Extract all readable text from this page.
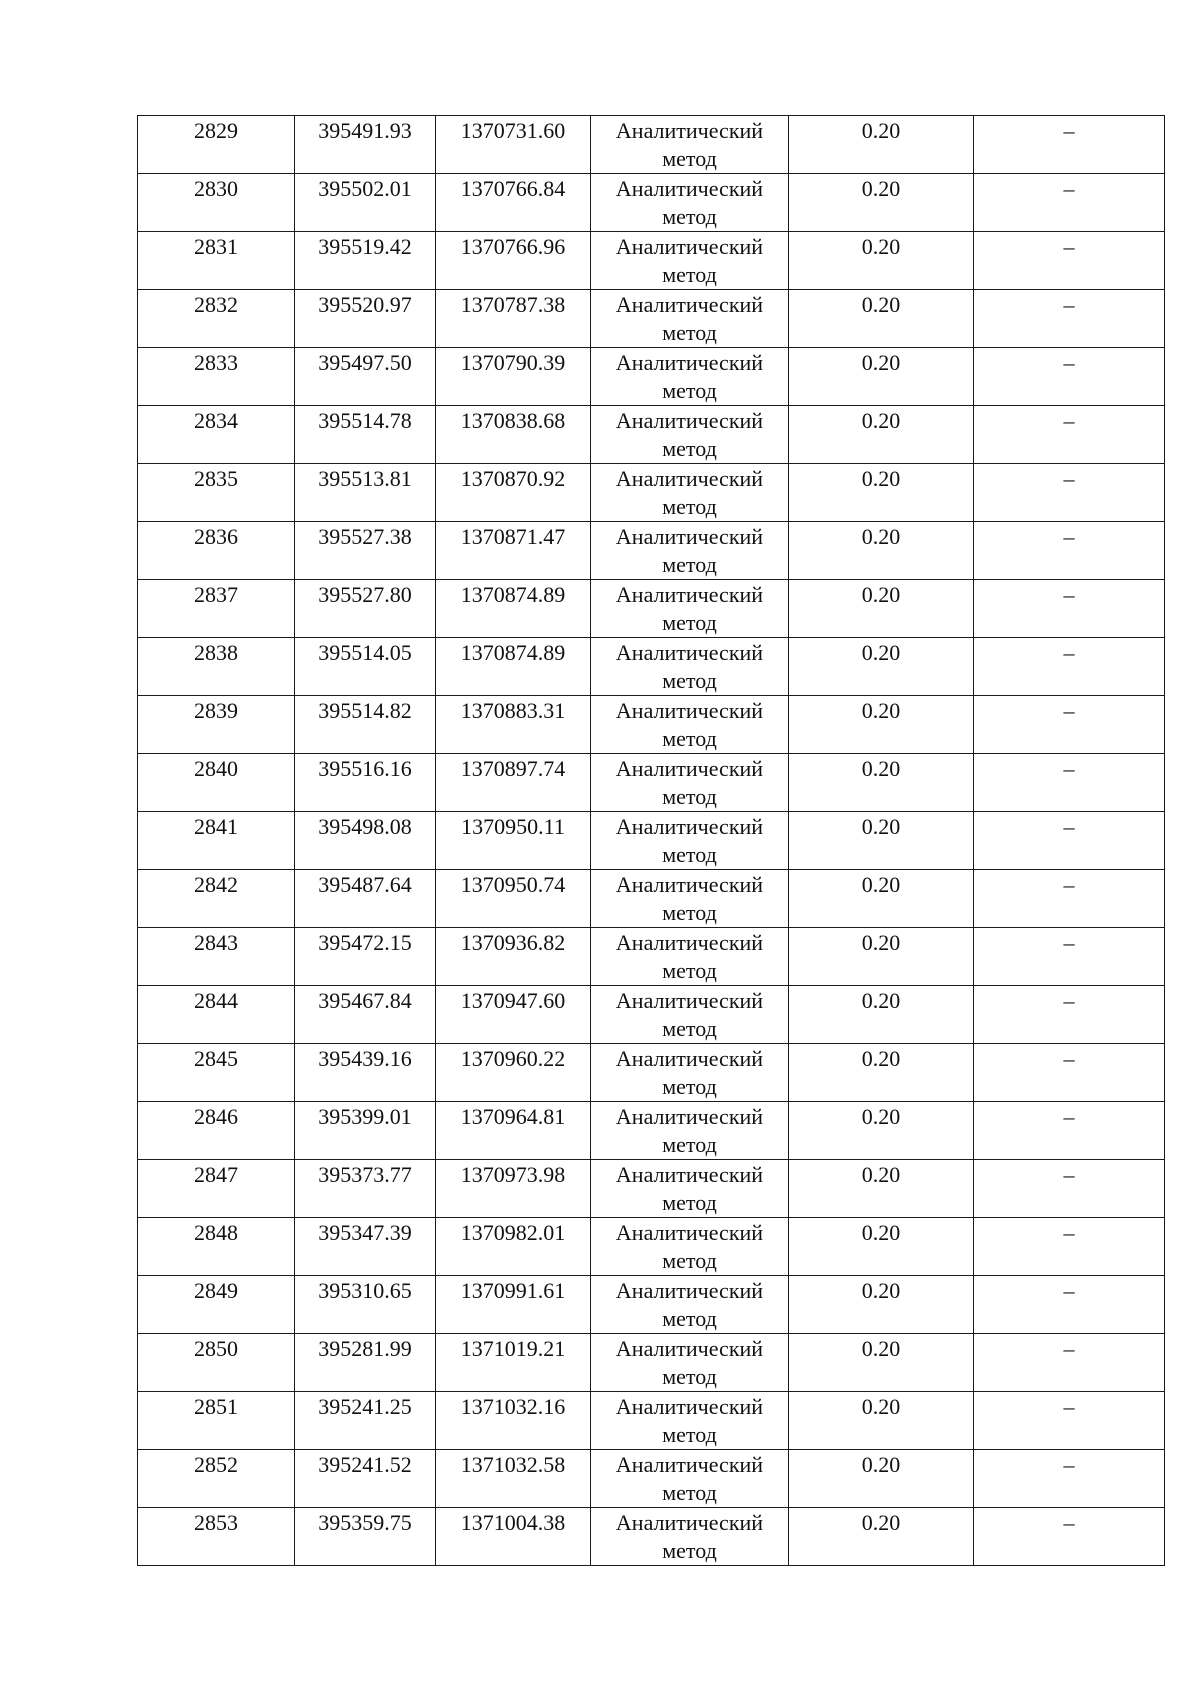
2829	395491.93	1370731.60	Аналитический
метод	0.20	–

2830	395502.01	1370766.84	Аналитический
метод	0.20	–

2831	395519.42	1370766.96	Аналитический
метод	0.20	–

2832	395520.97	1370787.38	Аналитический
метод	0.20	–

2833	395497.50	1370790.39	Аналитический
метод	0.20	–

2834	395514.78	1370838.68	Аналитический
метод	0.20	–

2835	395513.81	1370870.92	Аналитический
метод	0.20	–

2836	395527.38	1370871.47	Аналитический
метод	0.20	–

2837	395527.80	1370874.89	Аналитический
метод	0.20	–

2838	395514.05	1370874.89	Аналитический
метод	0.20	–

2839	395514.82	1370883.31	Аналитический
метод	0.20	–

2840	395516.16	1370897.74	Аналитический
метод	0.20	–

2841	395498.08	1370950.11	Аналитический
метод	0.20	–

2842	395487.64	1370950.74	Аналитический
метод	0.20	–

2843	395472.15	1370936.82	Аналитический
метод	0.20	–

2844	395467.84	1370947.60	Аналитический
метод	0.20	–

2845	395439.16	1370960.22	Аналитический
метод	0.20	–

2846	395399.01	1370964.81	Аналитический
метод	0.20	–

2847	395373.77	1370973.98	Аналитический
метод	0.20	–

2848	395347.39	1370982.01	Аналитический
метод	0.20	–

2849	395310.65	1370991.61	Аналитический
метод	0.20	–

2850	395281.99	1371019.21	Аналитический
метод	0.20	–

2851	395241.25	1371032.16	Аналитический
метод	0.20	–

2852	395241.52	1371032.58	Аналитический
метод	0.20	–

2853	395359.75	1371004.38	Аналитический
метод	0.20	–
